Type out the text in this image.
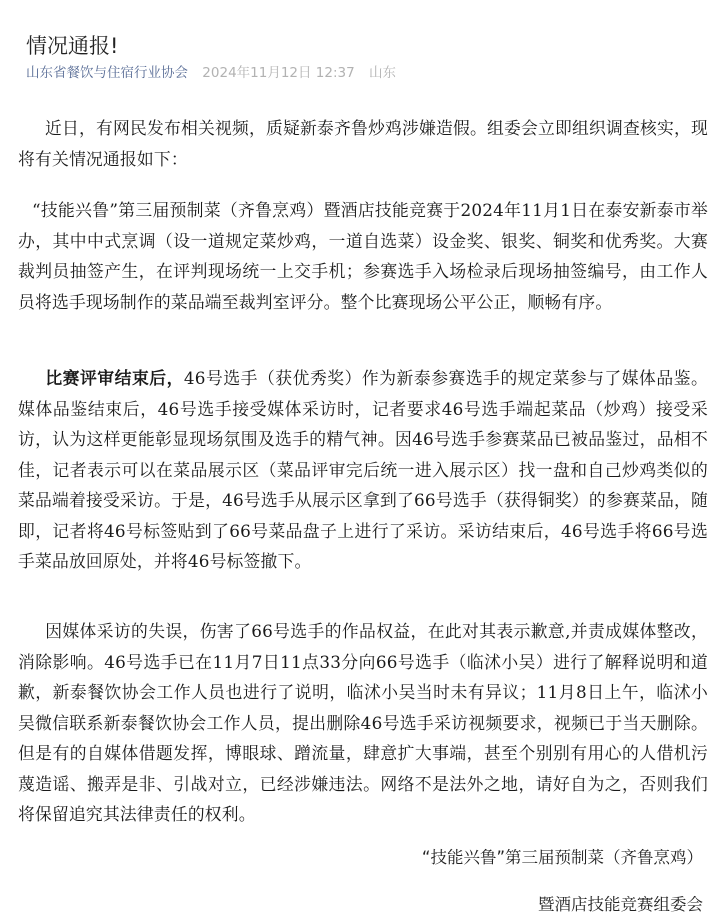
情况通报!
山东省餐饮与住宿行业协会 2024年11月12日 12:37 山东

近日，有网民发布相关视频，质疑新泰齐鲁炒鸡涉嫌造假。组委会立即组织调查核实，现将有关情况通报如下：

“技能兴鲁”第三届预制菜（齐鲁烹鸡）暨酒店技能竞赛于2024年11月1日在泰安新泰市举办，其中中式烹调（设一道规定菜炒鸡，一道自选菜）设金奖、银奖、铜奖和优秀奖。大赛裁判员抽签产生，在评判现场统一上交手机；参赛选手入场检录后现场抽签编号，由工作人员将选手现场制作的菜品端至裁判室评分。整个比赛现场公平公正，顺畅有序。

比赛评审结束后，46号选手（获优秀奖）作为新泰参赛选手的规定菜参与了媒体品鉴。媒体品鉴结束后，46号选手接受媒体采访时，记者要求46号选手端起菜品（炒鸡）接受采访，认为这样更能彰显现场氛围及选手的精气神。因46号选手参赛菜品已被品鉴过，品相不佳，记者表示可以在菜品展示区（菜品评审完后统一进入展示区）找一盘和自己炒鸡类似的菜品端着接受采访。于是，46号选手从展示区拿到了66号选手（获得铜奖）的参赛菜品，随即，记者将46号标签贴到了66号菜品盘子上进行了采访。采访结束后，46号选手将66号选手菜品放回原处，并将46号标签撤下。

因媒体采访的失误，伤害了66号选手的作品权益，在此对其表示歉意,并责成媒体整改，消除影响。46号选手已在11月7日11点33分向66号选手（临沭小吴）进行了解释说明和道歉，新泰餐饮协会工作人员也进行了说明，临沭小吴当时未有异议；11月8日上午，临沭小吴微信联系新泰餐饮协会工作人员，提出删除46号选手采访视频要求，视频已于当天删除。但是有的自媒体借题发挥，博眼球、蹭流量，肆意扩大事端，甚至个别别有用心的人借机污蔑造谣、搬弄是非、引战对立，已经涉嫌违法。网络不是法外之地，请好自为之，否则我们将保留追究其法律责任的权利。

“技能兴鲁”第三届预制菜（齐鲁烹鸡）
暨酒店技能竞赛组委会
